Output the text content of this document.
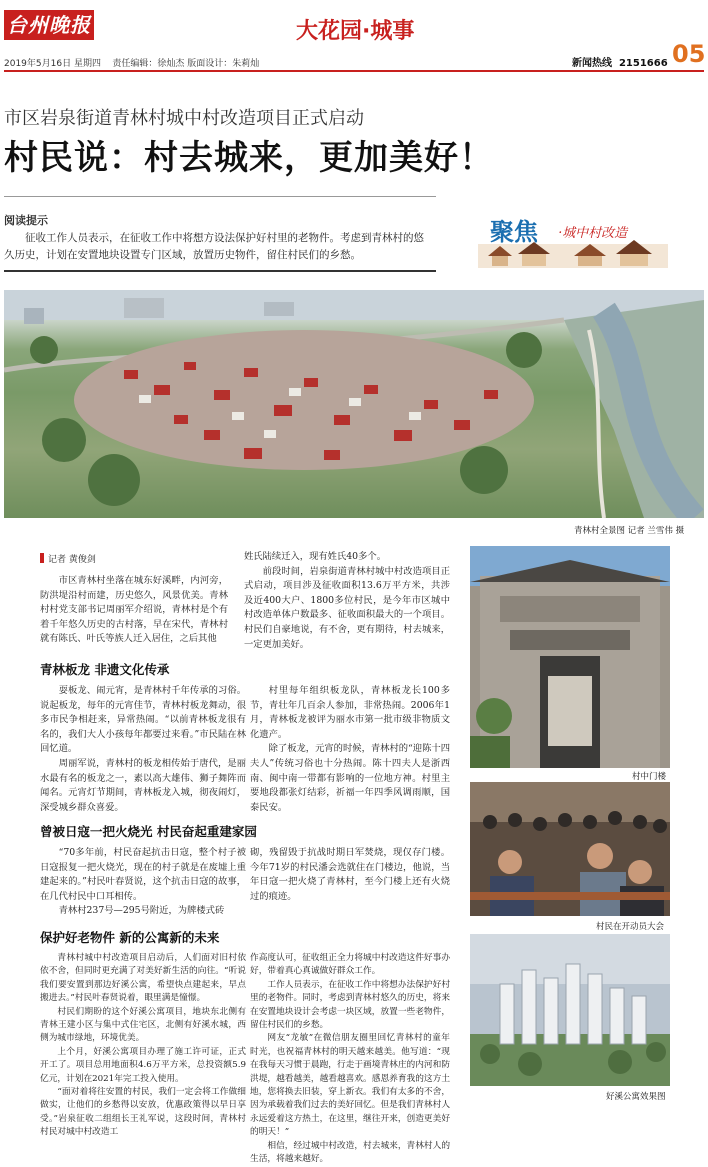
台州晚报	大花园·城事
05
2019年5月16日 星期四 责任编辑：徐灿杰 版面设计：朱莉灿	新闻热线 2151666
市区岩泉街道青林村城中村改造项目正式启动
村民说：村去城来，更加美好！
阅读提示
征收工作人员表示，在征收工作中将想方设法保护好村里的老物件。考虑到青林村的悠久历史，计划在安置地块设置专门区域，放置历史物件，留住村民们的乡愁。
聚焦 ·城中村改造
青林村全景图 记者 兰雪伟 摄
记者 黄俊剑

市区青林村坐落在城东好溪畔，内河旁，防洪堤沿村而建，历史悠久，风景优美。青林村村党支部书记周丽军介绍说，青林村是个有着千年悠久历史的古村落，早在宋代，青林村就有陈氏、叶氏等族人迁入居住，之后其他

姓氏陆续迁入，现有姓氏40多个。

前段时间，岩泉街道青林村城中村改造项目正式启动，项目涉及征收面积13.6万平方米，共涉及近400大户、1800多位村民，是今年市区城中村改造单体户数最多、征收面积最大的一个项目。村民们自豪地说，有不舍，更有期待，村去城来，一定更加美好。

青林板龙 非遗文化传承

耍板龙、闹元宵，是青林村千年传承的习俗。说起板龙，每年的元宵佳节，青林村板龙舞动，很多市民争相赶来，异常热闹。“以前青林板龙很有名的，我们大人小孩每年都要过来看。”市民陆在林回忆道。

周丽军说，青林村的板龙相传始于唐代，是丽水最有名的板龙之一，素以高大雄伟、狮子舞阵而闻名。元宵灯节期间，青林板龙入城，彻夜闹灯，深受城乡群众喜爱。

村里每年组织板龙队，青林板龙长100多节，青壮年几百余人参加，非常热闹。2006年1月，青林板龙被评为丽水市第一批市级非物质文化遗产。

除了板龙，元宵的时候，青林村的“迎陈十四夫人”传统习俗也十分热闹。陈十四夫人是浙西南、闽中南一带都有影响的一位地方神。村里主要地段都张灯结彩，祈福一年四季风调雨顺，国泰民安。

曾被日寇一把火烧光 村民奋起重建家园

“70多年前，村民奋起抗击日寇，整个村子被日寇报复一把火烧光，现在的村子就是在废墟上重建起来的。”村民叶春贤说，这个抗击日寇的故事，在几代村民中口耳相传。

青林村237号—295号附近，为牌楼式砖

砌，残留毁于抗战时期日军焚烧，现仅存门楼。今年71岁的村民潘会选就住在门楼边，他说，当年日寇一把火烧了青林村，至今门楼上还有火烧过的痕迹。

保护好老物件 新的公寓新的未来

青林村城中村改造项目启动后，人们面对旧村依依不舍，但同时更充满了对美好新生活的向往。“听说我们要安置到那边好溪公寓，希望快点建起来，早点搬进去。”村民叶春贤说着，眼里满是憧憬。

村民们期盼的这个好溪公寓项目，地块东北侧有青林王建小区与集中式住宅区，北侧有好溪水城，西侧为城市绿地，环境优美。

上个月，好溪公寓项目办理了施工许可证，正式开工了。项目总用地面积4.6万平方米，总投资额5.9亿元，计划在2021年完工投入使用。

“面对着将往安置的村民，我们一定会将工作做细做实，让他们的乡愁得以安放，优惠政策得以早日享受。”岩泉征收二组组长王礼军说，这段时间，青林村村民对城中村改造工

作高度认可，征收组正全力将城中村改造这件好事办好，带着真心真诚做好群众工作。

工作人员表示，在征收工作中将想办法保护好村里的老物件。同时，考虑到青林村悠久的历史，将来在安置地块设计会考虑一块区域，放置一些老物件，留住村民们的乡愁。

网友“龙敏”在微信朋友圈里回忆青林村的童年时光，也祝福青林村的明天越来越美。他写道：“现在我每天习惯于晨跑，行走于画境青林庄的内河和防洪堤，越看越美，越看越喜欢。感恩养育我的这方土地，您将换去旧装，穿上新衣。我们有太多的不舍，因为承载着我们过去的美好回忆。但是我们青林村人永远爱着这方热土，在这里，继往开来，创造更美好的明天！”

相信，经过城中村改造，村去城来，青林村人的生活，将越来越好。

村中门楼
村民在开动员大会
好溪公寓效果图
